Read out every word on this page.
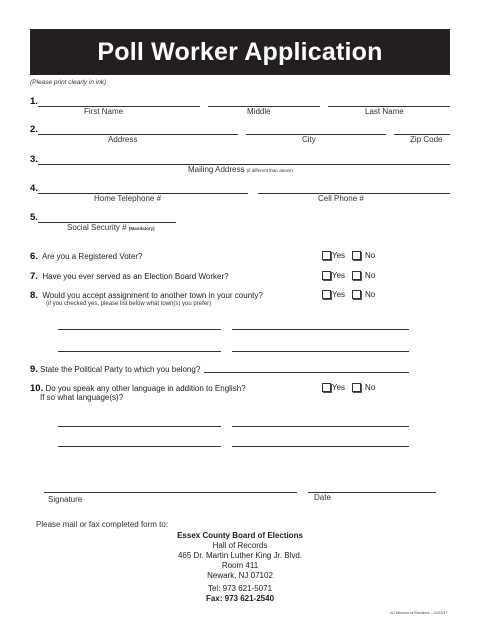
Poll Worker Application
(Please print clearly in ink)
1.
First Name	Middle	Last Name
2.
Address	City	Zip Code
3.
Mailing Address (if different than above)
4.
Home Telephone #	Cell Phone #
5.
Social Security # (Mandatory)
6. Are you a Registered Voter?	Yes No
7. Have you ever served as an Election Board Worker?	Yes No
8. Would you accept assignment to another town in your county?
(if you checked yes, please list below what town(s) you prefer)
Yes No
9. State the Political Party to which you belong?
10. Do you speak any other language in addition to English?
If so what language(s)?
Yes No
Signature	Date
Please mail or fax completed form to:
Essex County Board of Elections
Hall of Records
465 Dr. Martin Luther King Jr. Blvd.
Room 411
Newark, NJ 07102
Tel: 973 621-5071
Fax: 973 621-2540
NJ Division of Elections - 11/23/17
